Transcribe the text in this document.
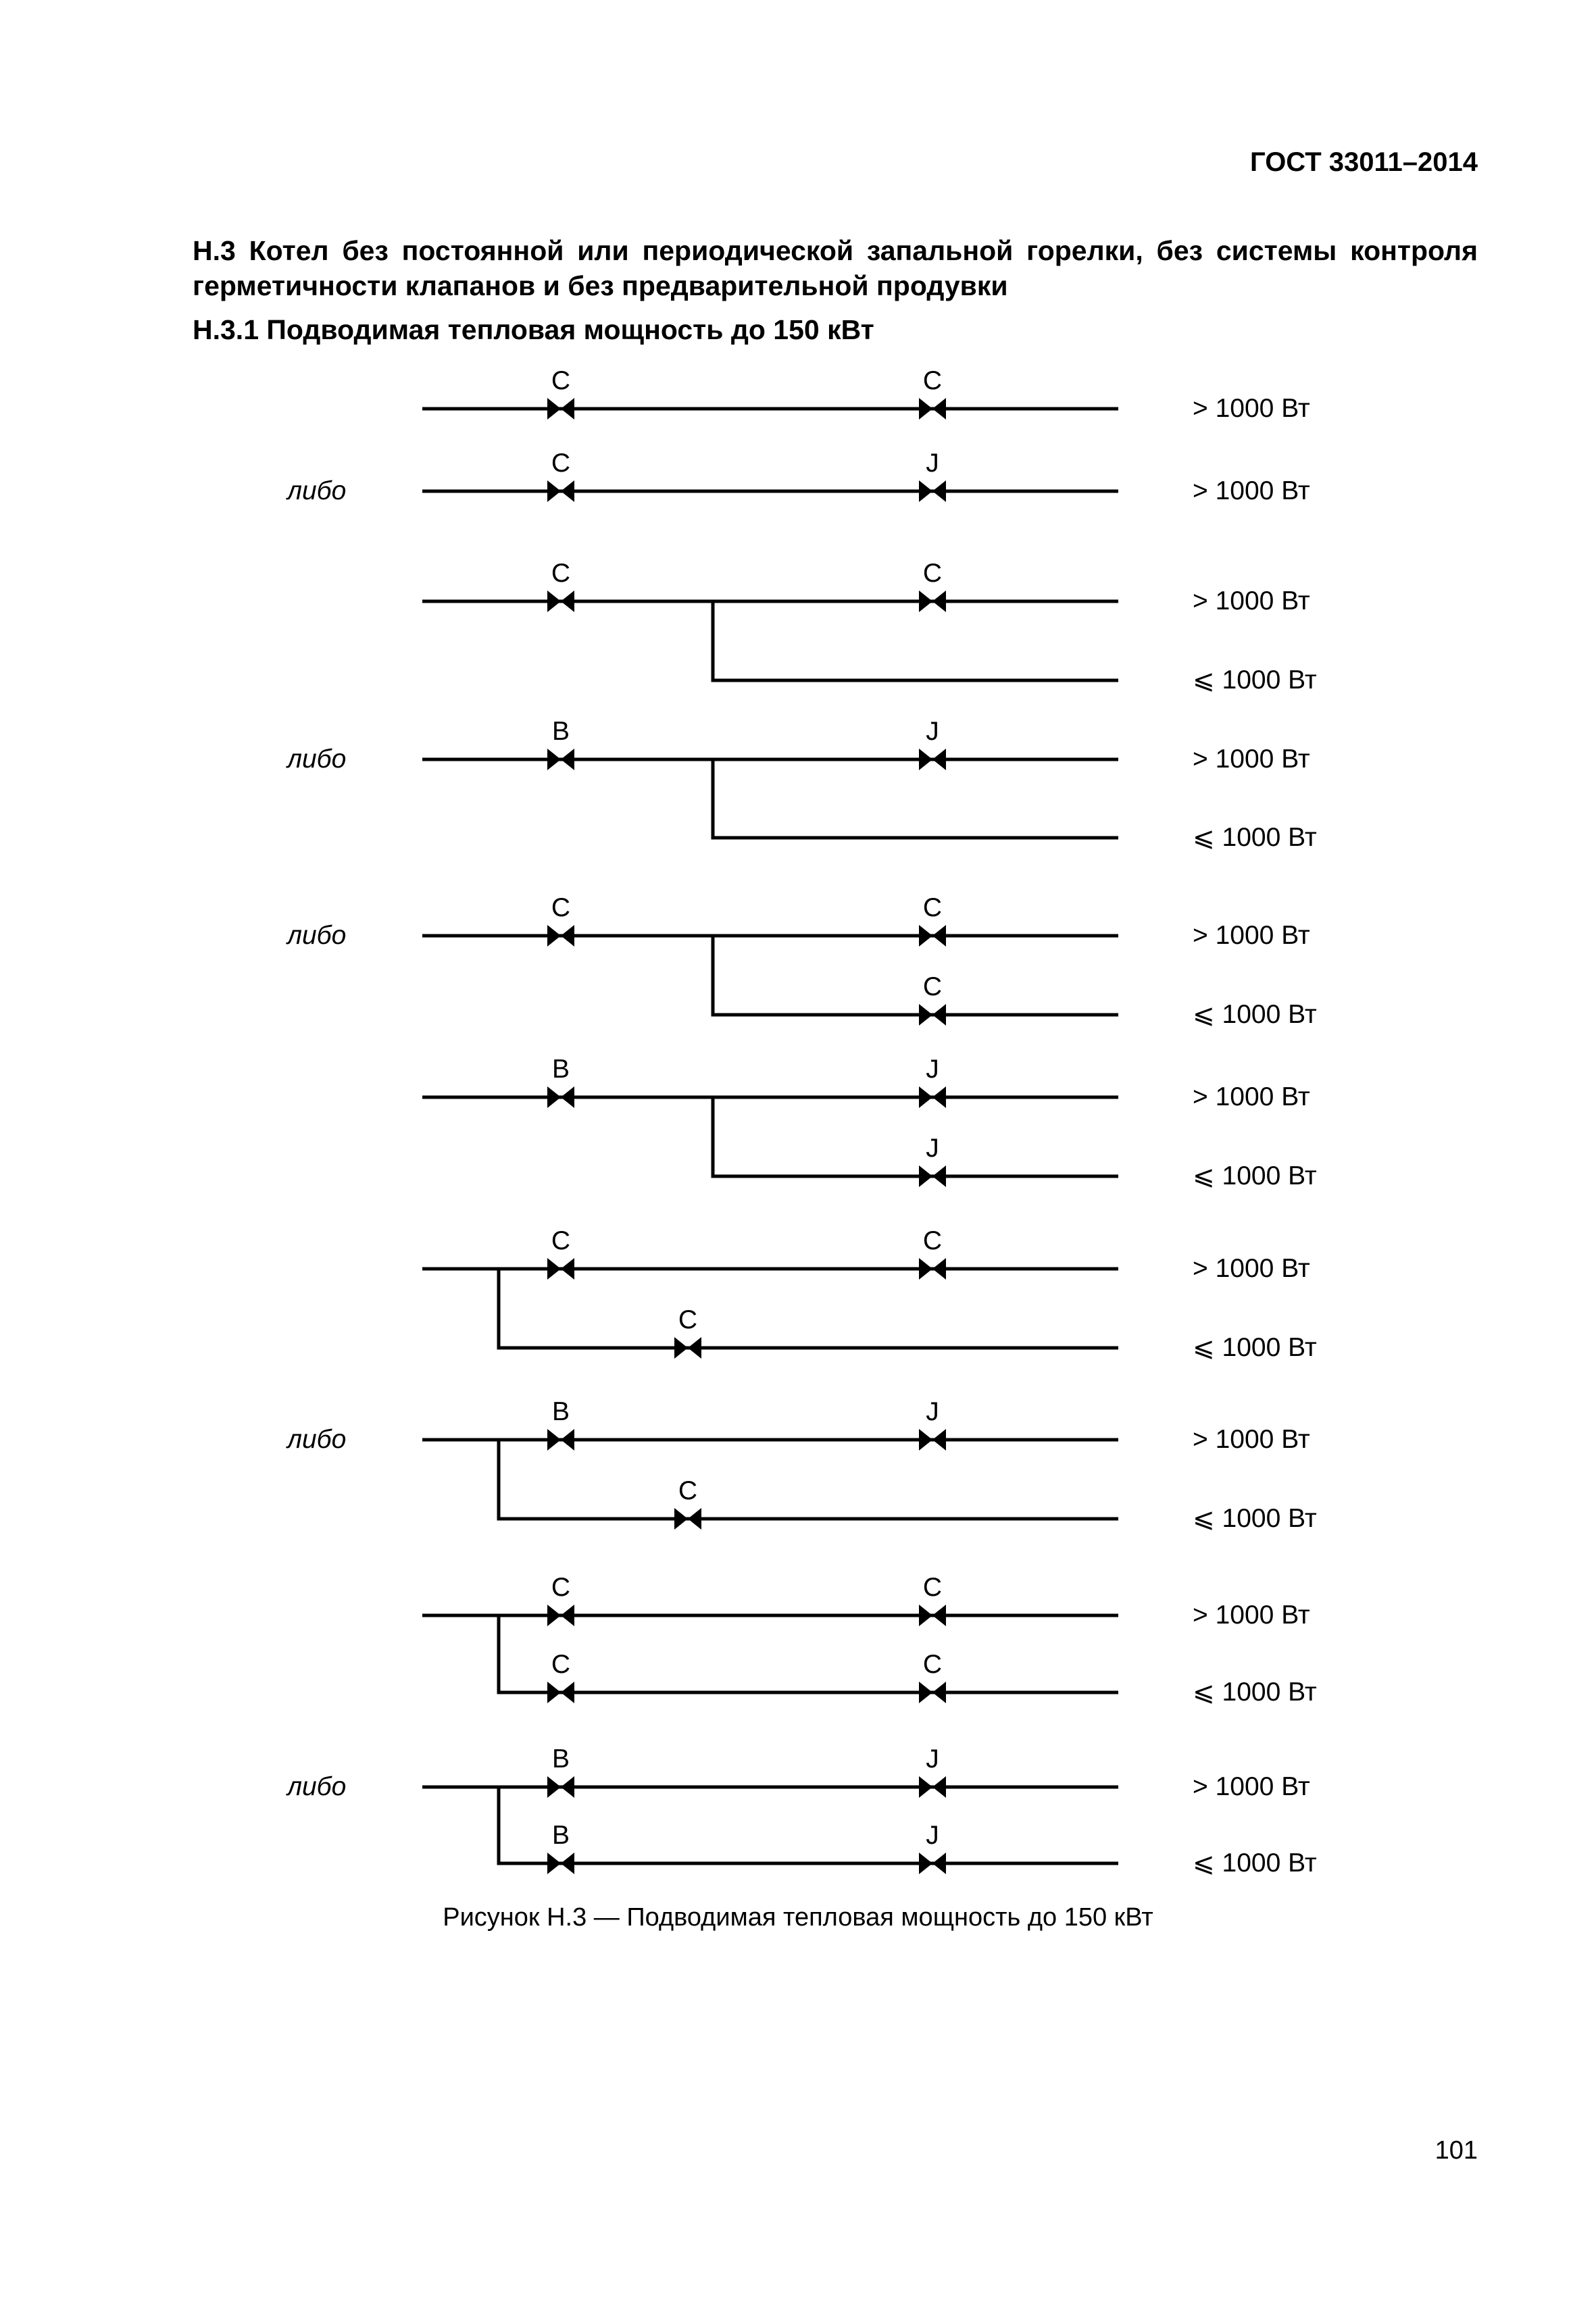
ГОСТ 33011–2014
Н.3 Котел без постоянной или периодической запальной горелки, без системы контроля герметичности клапанов и без предварительной продувки
Н.3.1 Подводимая тепловая мощность до 150 кВт
C	C
> 1000 Вт
C	J
> 1000 Вт
либо
C	C
> 1000 Вт
⩽ 1000 Вт
B	J
> 1000 Вт
⩽ 1000 Вт
либо
C	C
> 1000 Вт
C
⩽ 1000 Вт
либо
B	J
> 1000 Вт
J
⩽ 1000 Вт
C	C
> 1000 Вт
C
⩽ 1000 Вт
B	J
> 1000 Вт
C
⩽ 1000 Вт
либо
C	C
> 1000 Вт
C	C
⩽ 1000 Вт
B	J
> 1000 Вт
B	J
⩽ 1000 Вт
либо
Рисунок Н.3 — Подводимая тепловая мощность до 150 кВт
101
